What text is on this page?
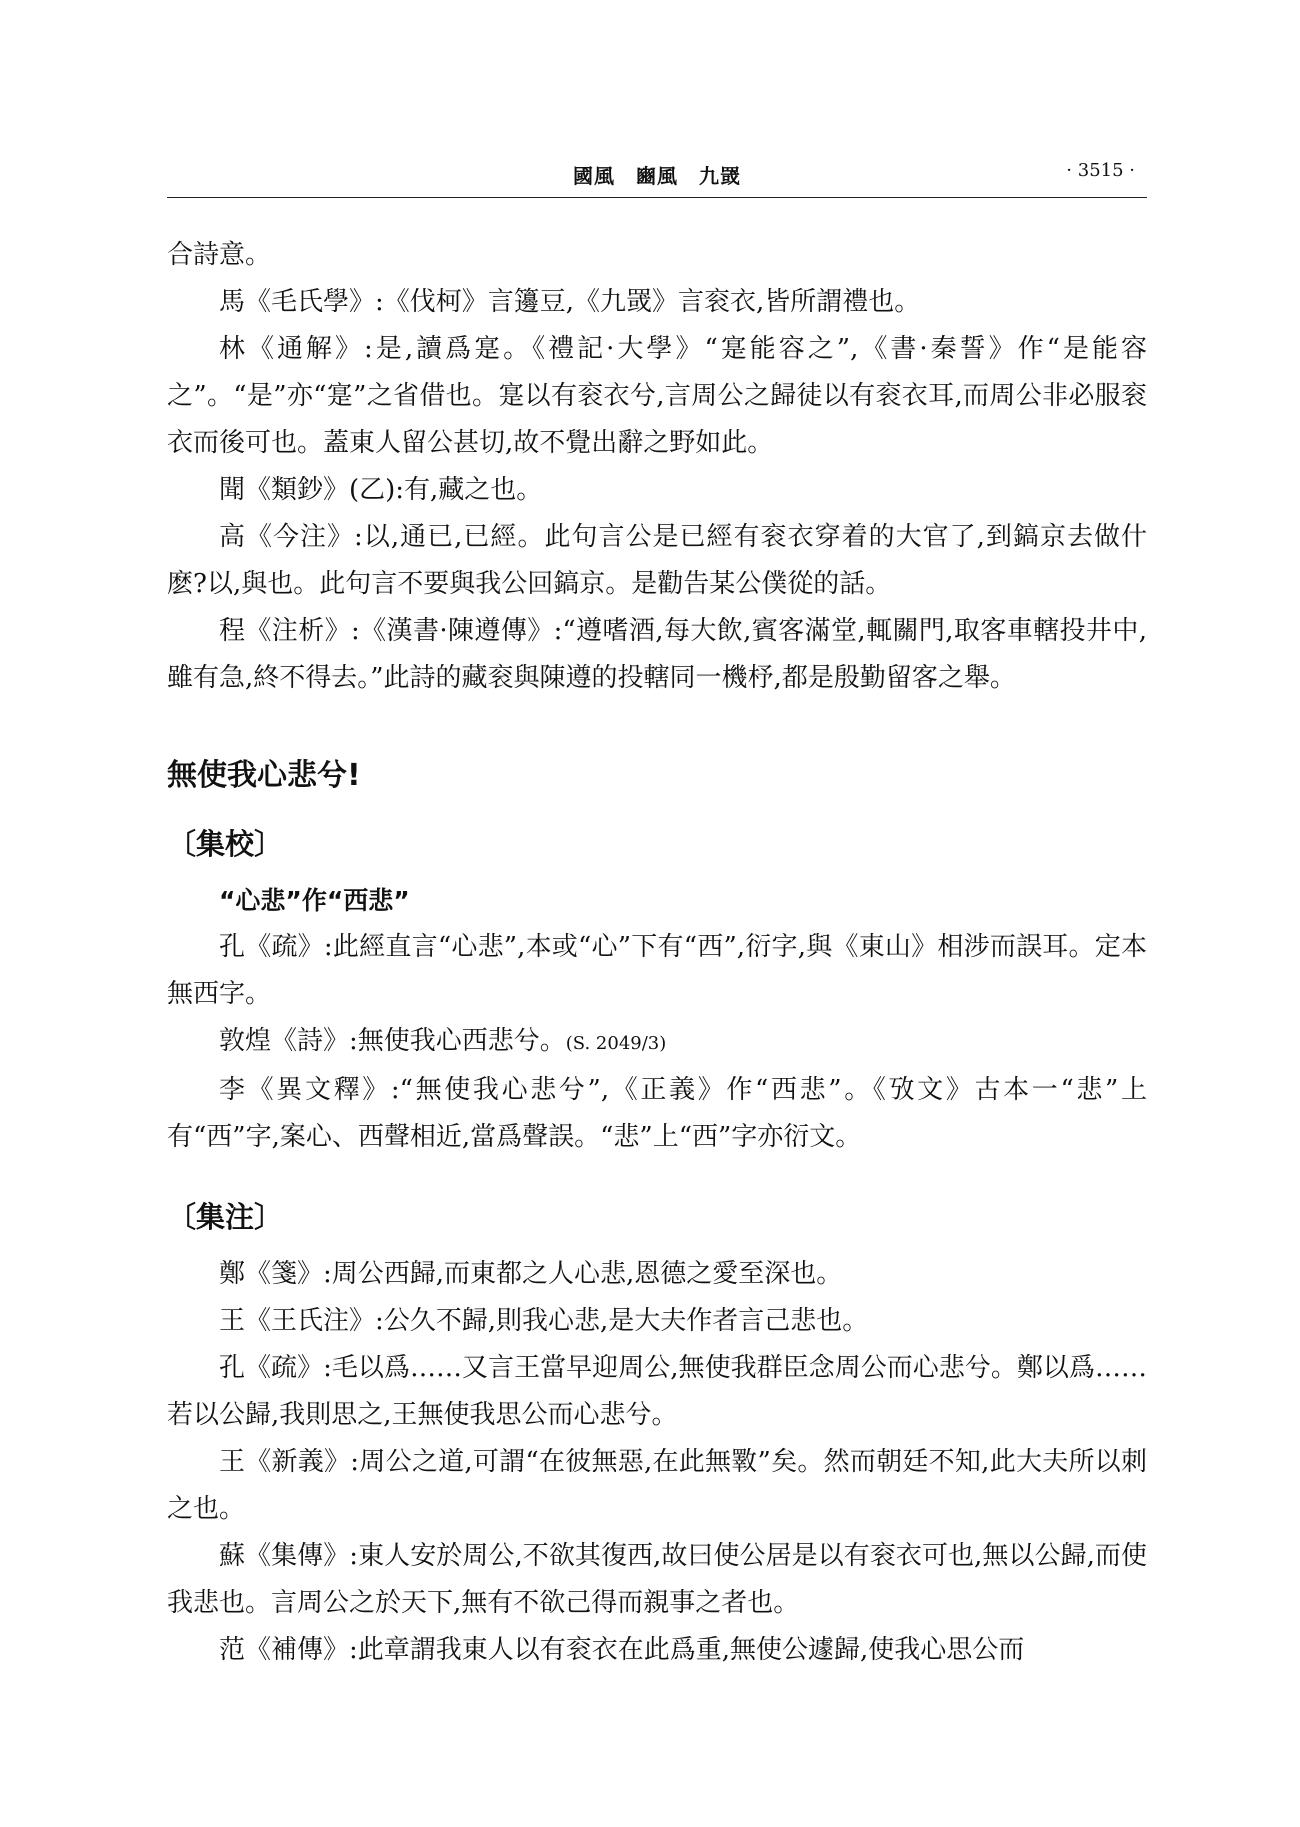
國風　豳風　九罭	· 3515 ·

合詩意。

馬《毛氏學》:《伐柯》言籩豆,《九罭》言衮衣,皆所謂禮也。

林《通解》:是,讀爲寔。《禮記·大學》“寔能容之”,《書·秦誓》作“是能容之”。“是”亦“寔”之省借也。寔以有衮衣兮,言周公之歸徒以有衮衣耳,而周公非必服衮衣而後可也。蓋東人留公甚切,故不覺出辭之野如此。

聞《類鈔》(乙):有,藏之也。

高《今注》:以,通已,已經。此句言公是已經有衮衣穿着的大官了,到鎬京去做什麽?以,與也。此句言不要與我公回鎬京。是勸告某公僕從的話。

程《注析》:《漢書·陳遵傳》:“遵嗜酒,每大飲,賓客滿堂,輒關門,取客車轄投井中,雖有急,終不得去。”此詩的藏衮與陳遵的投轄同一機杼,都是殷勤留客之舉。

無使我心悲兮!
〔集校〕
“心悲”作“西悲”

孔《疏》:此經直言“心悲”,本或“心”下有“西”,衍字,與《東山》相涉而誤耳。定本無西字。

敦煌《詩》:無使我心西悲兮。(S. 2049/3)

李《異文釋》:“無使我心悲兮”,《正義》作“西悲”。《攷文》古本一“悲”上有“西”字,案心、西聲相近,當爲聲誤。“悲”上“西”字亦衍文。

〔集注〕

鄭《箋》:周公西歸,而東都之人心悲,恩德之愛至深也。

王《王氏注》:公久不歸,則我心悲,是大夫作者言己悲也。

孔《疏》:毛以爲……又言王當早迎周公,無使我群臣念周公而心悲兮。鄭以爲……若以公歸,我則思之,王無使我思公而心悲兮。

王《新義》:周公之道,可謂“在彼無惡,在此無斁”矣。然而朝廷不知,此大夫所以刺之也。

蘇《集傳》:東人安於周公,不欲其復西,故曰使公居是以有衮衣可也,無以公歸,而使我悲也。言周公之於天下,無有不欲己得而親事之者也。

范《補傳》:此章謂我東人以有衮衣在此爲重,無使公遽歸,使我心思公而
